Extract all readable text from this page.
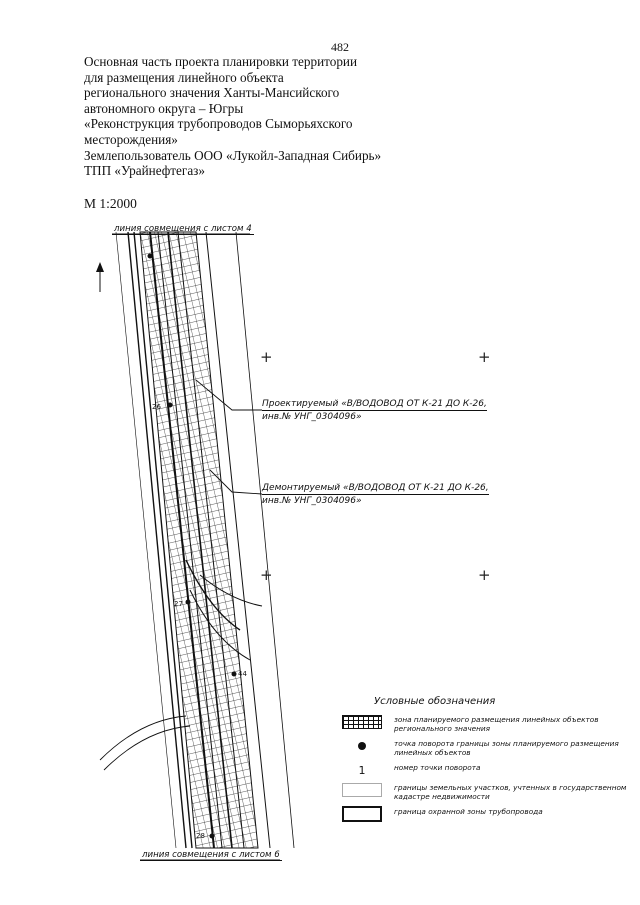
482
Основная часть проекта планировки территории
для размещения линейного объекта
регионального значения Ханты-Мансийского
автономного округа – Югры
«Реконструкция трубопроводов Сыморьяхского
месторождения»
Землепользователь ООО «Лукойл-Западная Сибирь»
ТПП «Урайнефтегаз»
М 1:2000
26
27
44
28
+	+
+	+
линия совмещения с листом 4
линия совмещения с листом 6
Проектируемый «В/ВОДОВОД ОТ К-21 ДО К-26,
инв.№ УНГ_0304096»
Демонтируемый «В/ВОДОВОД ОТ К-21 ДО К-26,
инв.№ УНГ_0304096»
Условные обозначения
зона планируемого размещения линейных объектов регионального значения
точка поворота границы зоны планируемого размещения линейных объектов
1	номер точки поворота
границы земельных участков, учтенных в государственном кадастре недвижимости
граница охранной зоны трубопровода
